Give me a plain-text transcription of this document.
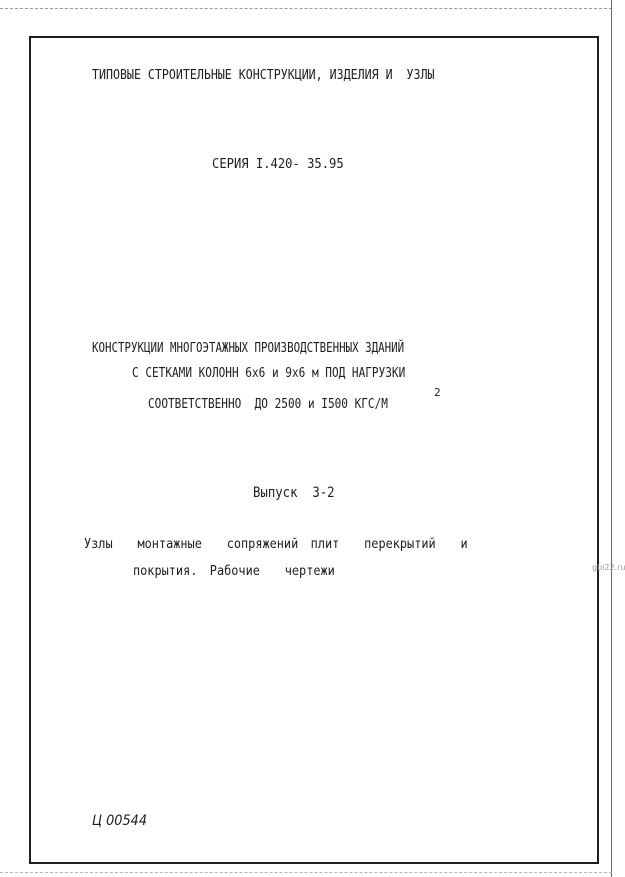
ТИПОВЫЕ СТРОИТЕЛЬНЫЕ КОНСТРУКЦИИ, ИЗДЕЛИЯ И  УЗЛЫ
СЕРИЯ I.420- 35.95
КОНСТРУКЦИИ МНОГОЭТАЖНЫХ ПРОИЗВОДСТВЕННЫХ ЗДАНИЙ
С СЕТКАМИ КОЛОНН 6х6 и 9х6 м ПОД НАГРУЗКИ
СООТВЕТСТВЕННО  ДО 2500 и I500 КГС/М
2
Выпуск  3-2
Узлы  монтажные  сопряжений плит  перекрытий  и
покрытия. Рабочие  чертежи
Ц 00544
gbi22.ru
